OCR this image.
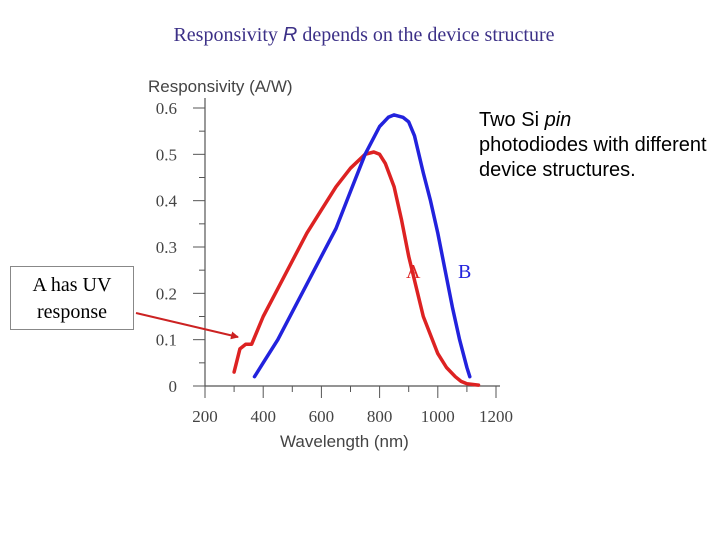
Responsivity R depends on the device structure
0
0.1
0.2
0.3
0.4
0.5
0.6
200 400 600 800 1000 1200
Responsivity (A/W)
Wavelength (nm)
A B
Two Si pin
photodiodes with different device structures.
A has UV
response
